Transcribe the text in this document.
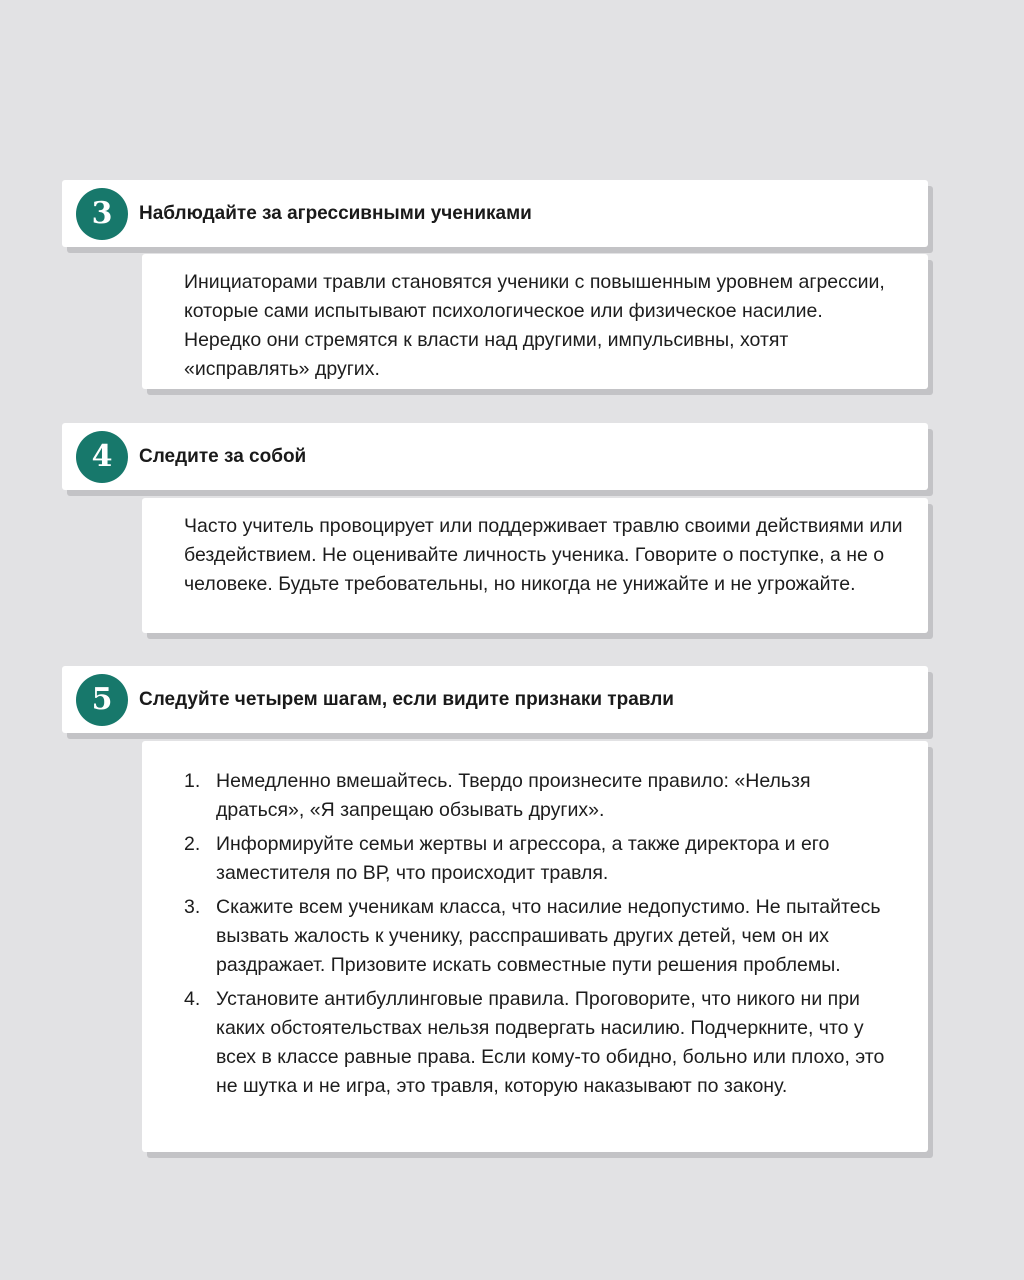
3	Наблюдайте за агрессивными учениками

Инициаторами травли становятся ученики с повышенным уровнем агрессии, которые сами испытывают психологическое или физическое насилие. Нередко они стремятся к власти над другими, импульсивны, хотят «исправлять» других.

4	Следите за собой

Часто учитель провоцирует или поддерживает травлю своими действиями или бездействием. Не оценивайте личность ученика. Говорите о поступке, а не о человеке. Будьте требовательны, но никогда не унижайте и не угрожайте.

5	Следуйте четырем шагам, если видите признаки травли
1. Немедленно вмешайтесь. Твердо произнесите правило: «Нельзя драться», «Я запрещаю обзывать других».
2. Информируйте семьи жертвы и агрессора, а также директора и его заместителя по ВР, что происходит травля.
3. Скажите всем ученикам класса, что насилие недопустимо. Не пытайтесь вызвать жалость к ученику, расспрашивать других детей, чем он их раздражает. Призовите искать совместные пути решения проблемы.
4. Установите антибуллинговые правила. Проговорите, что никого ни при каких обстоятельствах нельзя подвергать насилию. Подчеркните, что у всех в классе равные права. Если кому-то обидно, больно или плохо, это не шутка и не игра, это травля, которую наказывают по закону.
